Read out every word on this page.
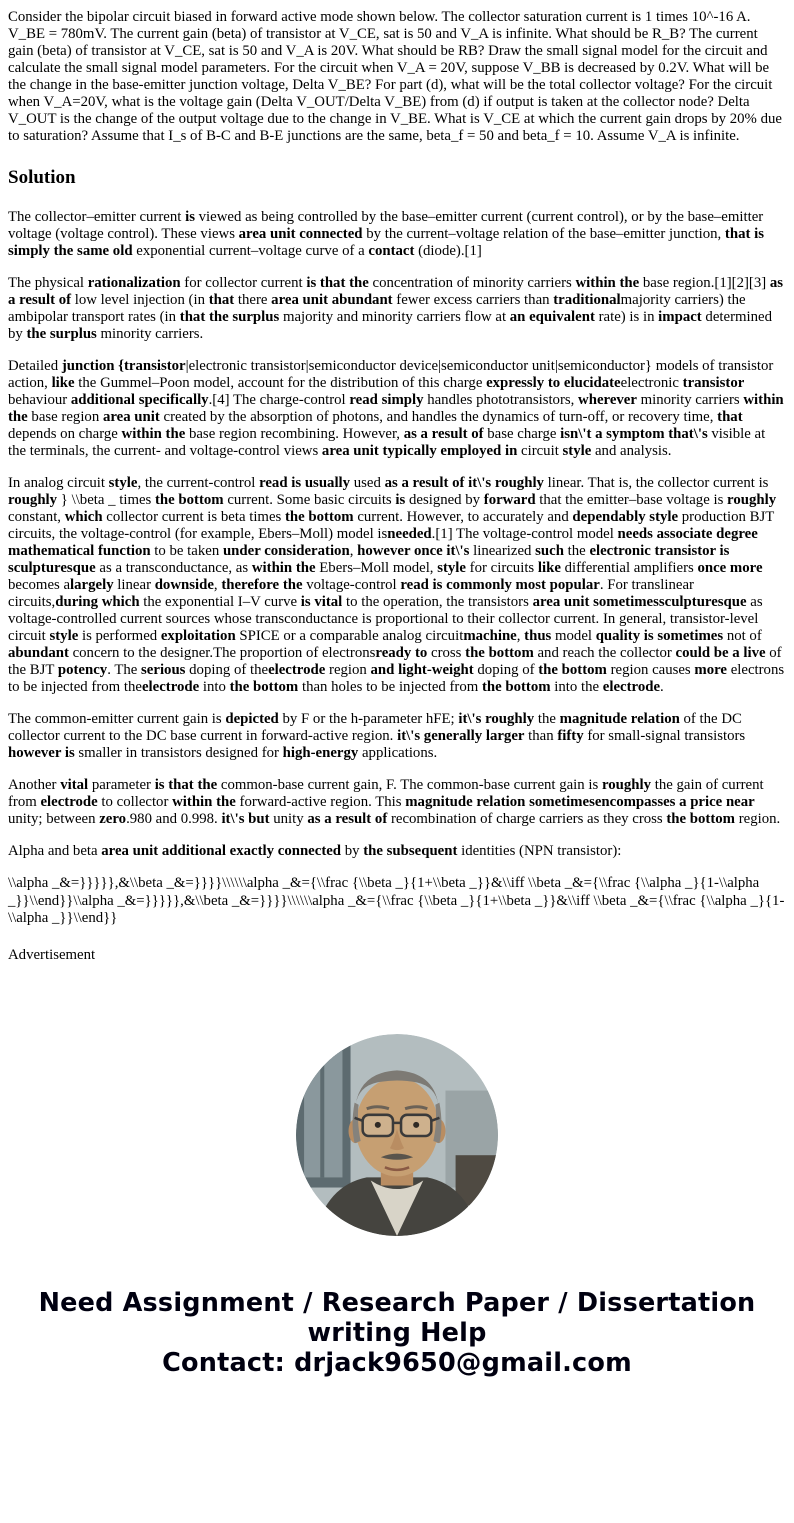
Consider the bipolar circuit biased in forward active mode shown below. The collector saturation current is 1 times 10^-16 A. V_BE = 780mV. The current gain (beta) of transistor at V_CE, sat is 50 and V_A is infinite. What should be R_B? The current gain (beta) of transistor at V_CE, sat is 50 and V_A is 20V. What should be RB? Draw the small signal model for the circuit and calculate the small signal model parameters. For the circuit when V_A = 20V, suppose V_BB is decreased by 0.2V. What will be the change in the base-emitter junction voltage, Delta V_BE? For part (d), what will be the total collector voltage? For the circuit when V_A=20V, what is the voltage gain (Delta V_OUT/Delta V_BE) from (d) if output is taken at the collector node? Delta V_OUT is the change of the output voltage due to the change in V_BE. What is V_CE at which the current gain drops by 20% due to saturation? Assume that I_s of B-C and B-E junctions are the same, beta_f = 50 and beta_f = 10. Assume V_A is infinite.

Solution

The collector–emitter current is viewed as being controlled by the base–emitter current (current control), or by the base–emitter voltage (voltage control). These views area unit connected by the current–voltage relation of the base–emitter junction, that is simply the same old exponential current–voltage curve of a contact (diode).[1]

The physical rationalization for collector current is that the concentration of minority carriers within the base region.[1][2][3] as a result of low level injection (in that there area unit abundant fewer excess carriers than traditionalmajority carriers) the ambipolar transport rates (in that the surplus majority and minority carriers flow at an equivalent rate) is in impact determined by the surplus minority carriers.

Detailed junction {transistor|electronic transistor|semiconductor device|semiconductor unit|semiconductor} models of transistor action, like the Gummel–Poon model, account for the distribution of this charge expressly to elucidateelectronic transistor behaviour additional specifically.[4] The charge-control read simply handles phototransistors, wherever minority carriers within the base region area unit created by the absorption of photons, and handles the dynamics of turn-off, or recovery time, that depends on charge within the base region recombining. However, as a result of base charge isn\'t a symptom that\'s visible at the terminals, the current- and voltage-control views area unit typically employed in circuit style and analysis.

In analog circuit style, the current-control read is usually used as a result of it\'s roughly linear. That is, the collector current is roughly } \\beta _ times the bottom current. Some basic circuits is designed by forward that the emitter–base voltage is roughly constant, which collector current is beta times the bottom current. However, to accurately and dependably style production BJT circuits, the voltage-control (for example, Ebers–Moll) model isneeded.[1] The voltage-control model needs associate degree mathematical function to be taken under consideration, however once it\'s linearized such the electronic transistor is sculpturesque as a transconductance, as within the Ebers–Moll model, style for circuits like differential amplifiers once more becomes alargely linear downside, therefore the voltage-control read is commonly most popular. For translinear circuits,during which the exponential I–V curve is vital to the operation, the transistors area unit sometimessculpturesque as voltage-controlled current sources whose transconductance is proportional to their collector current. In general, transistor-level circuit style is performed exploitation SPICE or a comparable analog circuitmachine, thus model quality is sometimes not of abundant concern to the designer.The proportion of electronsready to cross the bottom and reach the collector could be a live of the BJT potency. The serious doping of theelectrode region and light-weight doping of the bottom region causes more electrons to be injected from theelectrode into the bottom than holes to be injected from the bottom into the electrode.

The common-emitter current gain is depicted by F or the h-parameter hFE; it\'s roughly the magnitude relation of the DC collector current to the DC base current in forward-active region. it\'s generally larger than fifty for small-signal transistors however is smaller in transistors designed for high-energy applications.

Another vital parameter is that the common-base current gain, F. The common-base current gain is roughly the gain of current from electrode to collector within the forward-active region. This magnitude relation sometimesencompasses a price near unity; between zero.980 and 0.998. it\'s but unity as a result of recombination of charge carriers as they cross the bottom region.

Alpha and beta area unit additional exactly connected by the subsequent identities (NPN transistor):

\\alpha _&=}}}}},&\\beta _&=}}}}\\\\\\alpha _&={\\frac {\\beta _}{1+\\beta _}}&\\iff \\beta _&={\\frac {\\alpha _}{1-\\alpha _}}\\end}}\\alpha _&=}}}}},&\\beta _&=}}}}\\\\\\alpha _&={\\frac {\\beta _}{1+\\beta _}}&\\iff \\beta _&={\\frac {\\alpha _}{1-\\alpha _}}\\end}}

Advertisement

Need Assignment / Research Paper / Dissertation writing Help
Contact: drjack9650@gmail.com
